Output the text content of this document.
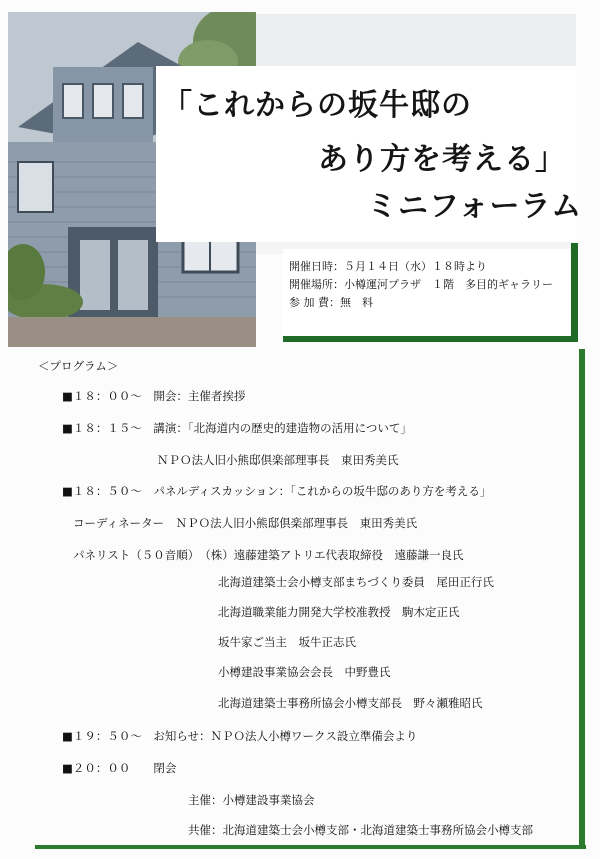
「これからの坂牛邸の
あり方を考える」
ミニフォーラム
開催日時：５月１４日（水）１８時より
開催場所：小樽運河プラザ　１階　多目的ギャラリー
参 加 費：無　料
＜プログラム＞
■１８：００～　開会：主催者挨拶
■１８：１５～　講演：「北海道内の歴史的建造物の活用について」
ＮＰＯ法人旧小熊邸倶楽部理事長　東田秀美氏
■１８：５０～　パネルディスカッション：「これからの坂牛邸のあり方を考える」
コーディネーター　ＮＰＯ法人旧小熊邸倶楽部理事長　東田秀美氏
パネリスト（５０音順）　（株）遠藤建築アトリエ代表取締役　遠藤謙一良氏
北海道建築士会小樽支部まちづくり委員　尾田正行氏
北海道職業能力開発大学校准教授　駒木定正氏
坂牛家ご当主　坂牛正志氏
小樽建設事業協会会長　中野豊氏
北海道建築士事務所協会小樽支部長　野々瀬雅昭氏
■１９：５０～　お知らせ：ＮＰＯ法人小樽ワークス設立準備会より
■２０：００　　閉会
主催：小樽建設事業協会
共催：北海道建築士会小樽支部・北海道建築士事務所協会小樽支部
